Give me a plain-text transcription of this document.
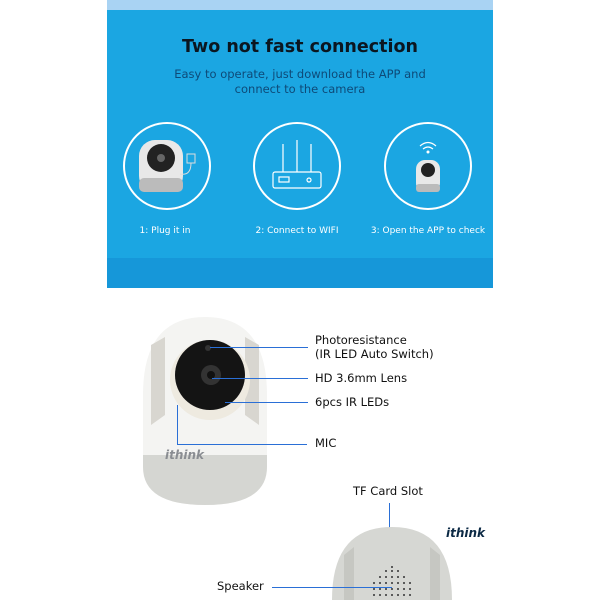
Two not fast connection
Easy to operate, just download the APP and
connect to the camera
1: Plug it in	2: Connect to WIFI	3: Open the APP to check
Product specifications ›	ithink
ithink
Photoresistance
(IR LED Auto Switch)
HD 3.6mm Lens
6pcs IR LEDs
MIC
TF Card Slot
Speaker
